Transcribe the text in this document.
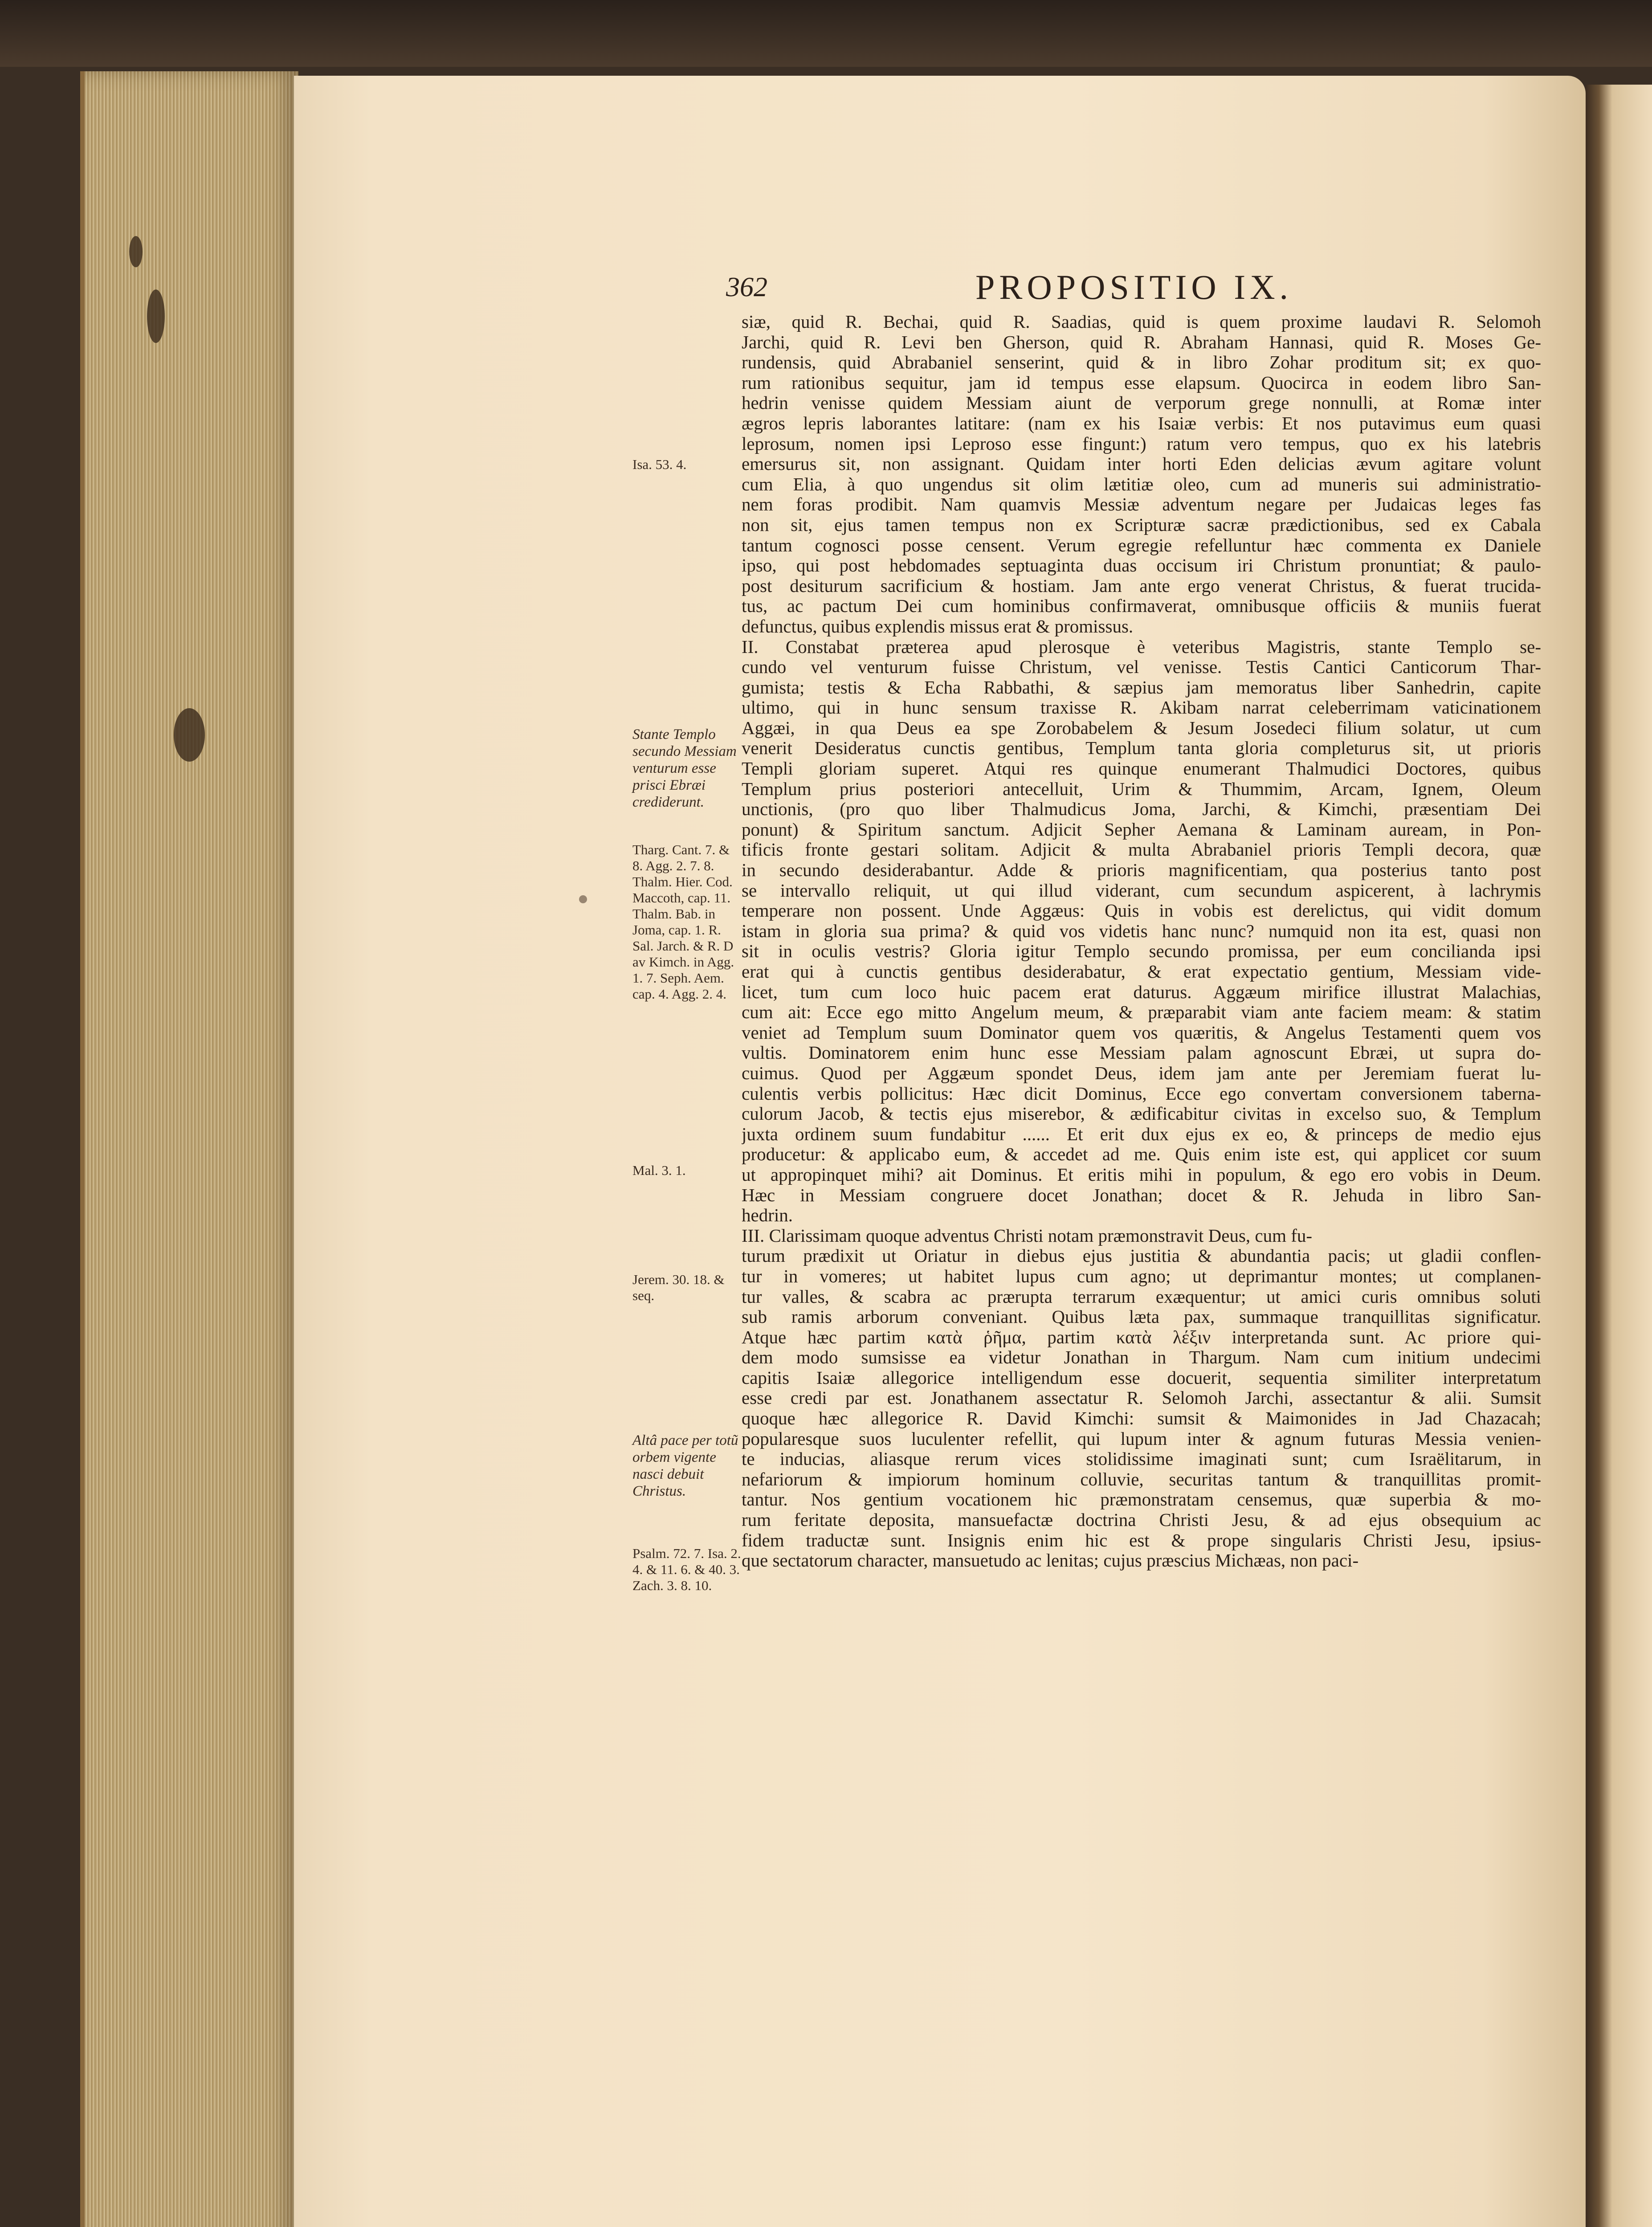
362	PROPOSITIO IX.
Isa. 53. 4.
Stante Templo secundo Messiam venturum esse prisci Ebræi crediderunt.
Tharg. Cant. 7. & 8. Agg. 2. 7. 8. Thalm. Hier. Cod. Maccoth, cap. 11. Thalm. Bab. in Joma, cap. 1. R. Sal. Jarch. & R. D av Kimch. in Agg. 1. 7. Seph. Aem. cap. 4. Agg. 2. 4.
Mal. 3. 1.
Jerem. 30. 18. & seq.
Altâ pace per totũ orbem vigente nasci debuit Christus.
Psalm. 72. 7. Isa. 2. 4. & 11. 6. & 40. 3. Zach. 3. 8. 10.
siæ, quid R. Bechai, quid R. Saadias, quid is quem proxime laudavi R. Selomoh
Jarchi, quid R. Levi ben Gherson, quid R. Abraham Hannasi, quid R. Moses Ge-
rundensis, quid Abrabaniel senserint, quid & in libro Zohar proditum sit; ex quo-
rum rationibus sequitur, jam id tempus esse elapsum. Quocirca in eodem libro San-
hedrin venisse quidem Messiam aiunt de verporum grege nonnulli, at Romæ inter
ægros lepris laborantes latitare: (nam ex his Isaiæ verbis: Et nos putavimus eum quasi
leprosum, nomen ipsi Leproso esse fingunt:) ratum vero tempus, quo ex his latebris
emersurus sit, non assignant. Quidam inter horti Eden delicias ævum agitare volunt
cum Elia, à quo ungendus sit olim lætitiæ oleo, cum ad muneris sui administratio-
nem foras prodibit. Nam quamvis Messiæ adventum negare per Judaicas leges fas
non sit, ejus tamen tempus non ex Scripturæ sacræ prædictionibus, sed ex Cabala
tantum cognosci posse censent. Verum egregie refelluntur hæc commenta ex Daniele
ipso, qui post hebdomades septuaginta duas occisum iri Christum pronuntiat; & paulo-
post desiturum sacrificium & hostiam. Jam ante ergo venerat Christus, & fuerat trucida-
tus, ac pactum Dei cum hominibus confirmaverat, omnibusque officiis & muniis fuerat
defunctus, quibus explendis missus erat & promissus.
II. Constabat præterea apud plerosque è veteribus Magistris, stante Templo se-
cundo vel venturum fuisse Christum, vel venisse. Testis Cantici Canticorum Thar-
gumista; testis & Echa Rabbathi, & sæpius jam memoratus liber Sanhedrin, capite
ultimo, qui in hunc sensum traxisse R. Akibam narrat celeberrimam vaticinationem
Aggæi, in qua Deus ea spe Zorobabelem & Jesum Josedeci filium solatur, ut cum
venerit Desideratus cunctis gentibus, Templum tanta gloria completurus sit, ut prioris
Templi gloriam superet. Atqui res quinque enumerant Thalmudici Doctores, quibus
Templum prius posteriori antecelluit, Urim & Thummim, Arcam, Ignem, Oleum
unctionis, (pro quo liber Thalmudicus Joma, Jarchi, & Kimchi, præsentiam Dei
ponunt) & Spiritum sanctum. Adjicit Sepher Aemana & Laminam auream, in Pon-
tificis fronte gestari solitam. Adjicit & multa Abrabaniel prioris Templi decora, quæ
in secundo desiderabantur. Adde & prioris magnificentiam, qua posterius tanto post
se intervallo reliquit, ut qui illud viderant, cum secundum aspicerent, à lachrymis
temperare non possent. Unde Aggæus: Quis in vobis est derelictus, qui vidit domum
istam in gloria sua prima? & quid vos videtis hanc nunc? numquid non ita est, quasi non
sit in oculis vestris? Gloria igitur Templo secundo promissa, per eum concilianda ipsi
erat qui à cunctis gentibus desiderabatur, & erat expectatio gentium, Messiam vide-
licet, tum cum loco huic pacem erat daturus. Aggæum mirifice illustrat Malachias,
cum ait: Ecce ego mitto Angelum meum, & præparabit viam ante faciem meam: & statim
veniet ad Templum suum Dominator quem vos quæritis, & Angelus Testamenti quem vos
vultis. Dominatorem enim hunc esse Messiam palam agnoscunt Ebræi, ut supra do-
cuimus. Quod per Aggæum spondet Deus, idem jam ante per Jeremiam fuerat lu-
culentis verbis pollicitus: Hæc dicit Dominus, Ecce ego convertam conversionem taberna-
culorum Jacob, & tectis ejus miserebor, & ædificabitur civitas in excelso suo, & Templum
juxta ordinem suum fundabitur ...... Et erit dux ejus ex eo, & princeps de medio ejus
producetur: & applicabo eum, & accedet ad me. Quis enim iste est, qui applicet cor suum
ut appropinquet mihi? ait Dominus. Et eritis mihi in populum, & ego ero vobis in Deum.
Hæc in Messiam congruere docet Jonathan; docet & R. Jehuda in libro San-
hedrin.
III. Clarissimam quoque adventus Christi notam præmonstravit Deus, cum fu-
turum prædixit ut Oriatur in diebus ejus justitia & abundantia pacis; ut gladii conflen-
tur in vomeres; ut habitet lupus cum agno; ut deprimantur montes; ut complanen-
tur valles, & scabra ac prærupta terrarum exæquentur; ut amici curis omnibus soluti
sub ramis arborum conveniant. Quibus læta pax, summaque tranquillitas significatur.
Atque hæc partim κατὰ ῥῆμα, partim κατὰ λέξιν interpretanda sunt. Ac priore qui-
dem modo sumsisse ea videtur Jonathan in Thargum. Nam cum initium undecimi
capitis Isaiæ allegorice intelligendum esse docuerit, sequentia similiter interpretatum
esse credi par est. Jonathanem assectatur R. Selomoh Jarchi, assectantur & alii. Sumsit
quoque hæc allegorice R. David Kimchi: sumsit & Maimonides in Jad Chazacah;
popularesque suos luculenter refellit, qui lupum inter & agnum futuras Messia venien-
te inducias, aliasque rerum vices stolidissime imaginati sunt; cum Israëlitarum, in
nefariorum & impiorum hominum colluvie, securitas tantum & tranquillitas promit-
tantur. Nos gentium vocationem hic præmonstratam censemus, quæ superbia & mo-
rum feritate deposita, mansuefactæ doctrina Christi Jesu, & ad ejus obsequium ac
fidem traductæ sunt. Insignis enim hic est & prope singularis Christi Jesu, ipsius-
que sectatorum character, mansuetudo ac lenitas; cujus præscius Michæas, non paci-
